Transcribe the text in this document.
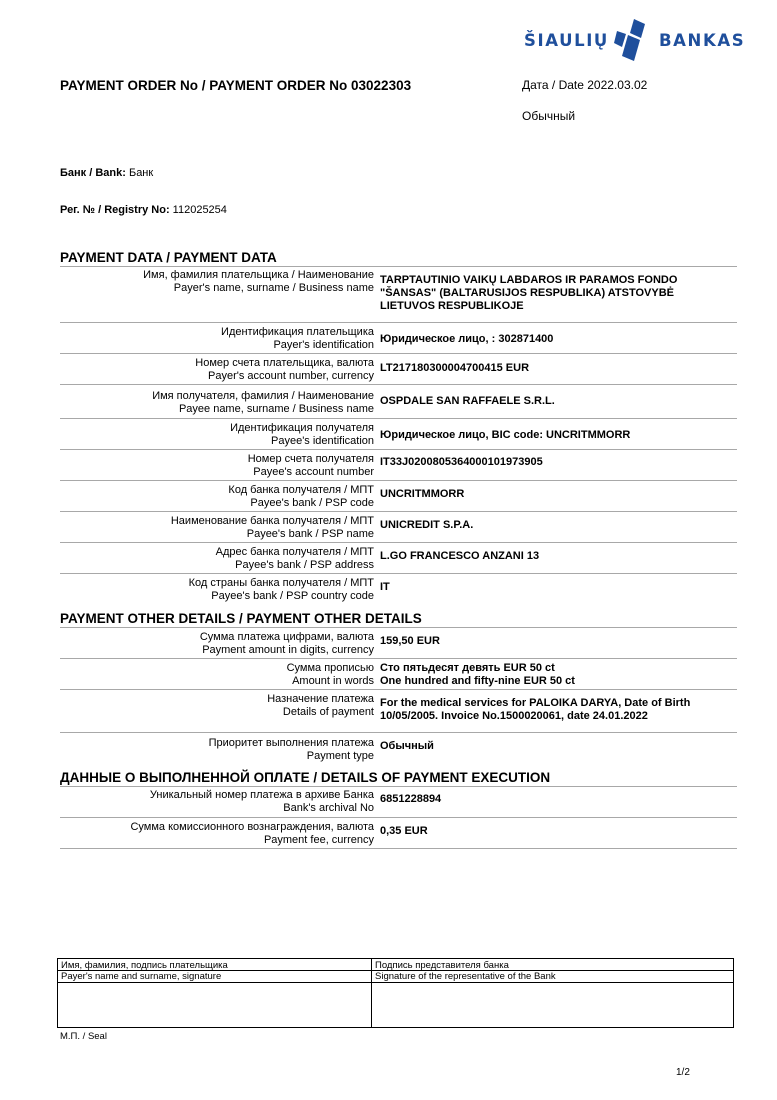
ŠIAULIŲ	BANKAS
PAYMENT ORDER No / PAYMENT ORDER No 03022303	Дата / Date 2022.03.02
Обычный
Банк / Bank: Банк
Рег. № / Registry No: 112025254
PAYMENT DATA / PAYMENT DATA
Имя, фамилия плательщика / Наименование
Payer's name, surname / Business name
TARPTAUTINIO VAIKŲ LABDAROS IR PARAMOS FONDO
"ŠANSAS" (BALTARUSIJOS RESPUBLIKA) ATSTOVYBĖ
LIETUVOS RESPUBLIKOJE
Идентификация плательщика
Payer's identification Юридическое лицо, : 302871400
Номер счета плательщика, валюта
Payer's account number, currency
LT217180300004700415 EUR
Имя получателя, фамилия / Наименование
Payee name, surname / Business name
OSPDALE SAN RAFFAELE S.R.L.
Идентификация получателя
Payee's identification Юридическое лицо, BIC code: UNCRITMMORR
Номер счета получателя
Payee's account number
IT33J0200805364000101973905
Код банка получателя / МПТ
Payee's bank / PSP code
UNCRITMMORR
Наименование банка получателя / МПТ
Payee's bank / PSP name
UNICREDIT S.P.A.
Адрес банка получателя / МПТ
Payee's bank / PSP address
L.GO FRANCESCO ANZANI 13
Код страны банка получателя / МПТ
Payee's bank / PSP country code
IT
PAYMENT OTHER DETAILS / PAYMENT OTHER DETAILS
Сумма платежа цифрами, валюта
Payment amount in digits, currency
159,50 EUR
Сумма прописью
Amount in words
Сто пятьдесят девять EUR 50 ct
One hundred and fifty-nine EUR 50 ct
Назначение платежа
Details of payment
For the medical services for PALOIKA DARYA, Date of Birth
10/05/2005. Invoice No.1500020061, date 24.01.2022
Приоритет выполнения платежа
Payment type
Обычный
ДАННЫЕ О ВЫПОЛНЕННОЙ ОПЛАТЕ / DETAILS OF PAYMENT EXECUTION
Уникальный номер платежа в архиве Банка
Bank's archival No
6851228894
Сумма комиссионного вознаграждения, валюта
Payment fee, currency
0,35 EUR
Имя, фамилия, подпись плательщика
Payer's name and surname, signature
Подпись представителя банка
Signature of the representative of the Bank
М.П. / Seal
1/2
